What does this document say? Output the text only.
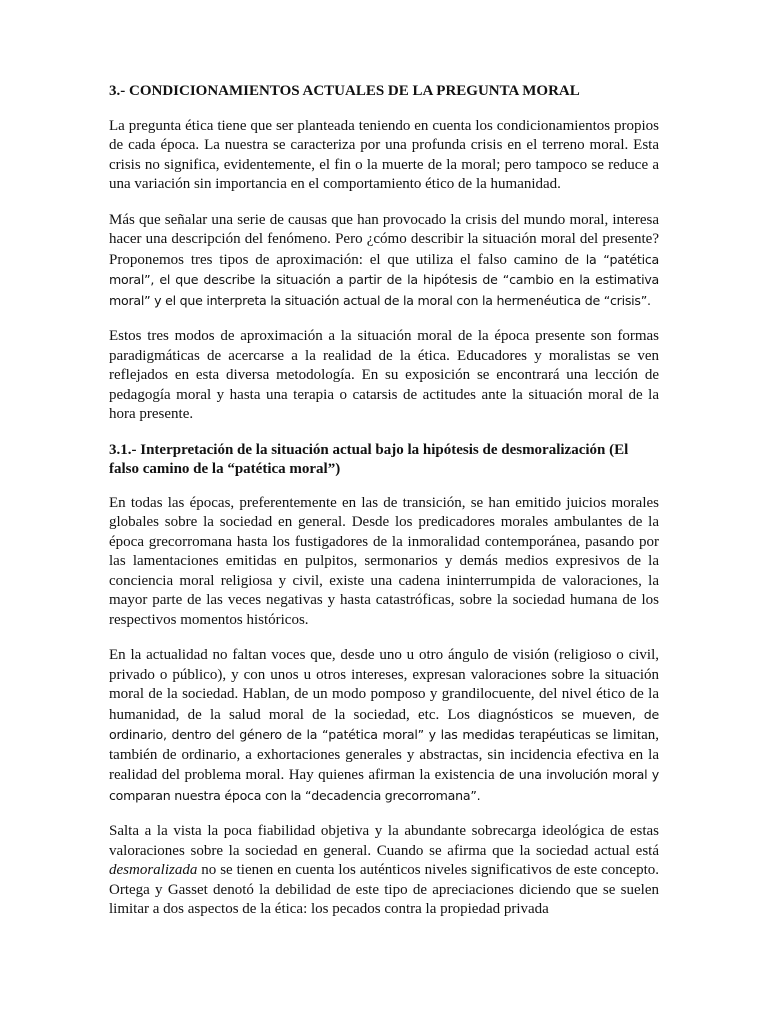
3.- CONDICIONAMIENTOS ACTUALES DE LA PREGUNTA MORAL

La pregunta ética tiene que ser planteada teniendo en cuenta los condicionamientos propios de cada época. La nuestra se caracteriza por una profunda crisis en el terreno moral. Esta crisis no significa, evidentemente, el fin o la muerte de la moral; pero tampoco se reduce a una variación sin importancia en el comportamiento ético de la humanidad.

Más que señalar una serie de causas que han provocado la crisis del mundo moral, interesa hacer una descripción del fenómeno. Pero ¿cómo describir la situación moral del presente? Proponemos tres tipos de aproximación: el que utiliza el falso camino de la “patética moral”, el que describe la situación a partir de la hipótesis de “cambio en la estimativa moral” y el que interpreta la situación actual de la moral con la hermenéutica de “crisis”.

Estos tres modos de aproximación a la situación moral de la época presente son formas paradigmáticas de acercarse a la realidad de la ética. Educadores y moralistas se ven reflejados en esta diversa metodología. En su exposición se encontrará una lección de pedagogía moral y hasta una terapia o catarsis de actitudes ante la situación moral de la hora presente.

3.1.- Interpretación de la situación actual bajo la hipótesis de desmoralización (El falso camino de la “patética moral”)

En todas las épocas, preferentemente en las de transición, se han emitido juicios morales globales sobre la sociedad en general. Desde los predicadores morales ambulantes de la época grecorromana hasta los fustigadores de la inmoralidad contemporánea, pasando por las lamentaciones emitidas en pulpitos, sermonarios y demás medios expresivos de la conciencia moral religiosa y civil, existe una cadena ininterrumpida de valoraciones, la mayor parte de las veces negativas y hasta catastróficas, sobre la sociedad humana de los respectivos momentos históricos.

En la actualidad no faltan voces que, desde uno u otro ángulo de visión (religioso o civil, privado o público), y con unos u otros intereses, expresan valoraciones sobre la situación moral de la sociedad. Hablan, de un modo pomposo y grandilocuente, del nivel ético de la humanidad, de la salud moral de la sociedad, etc. Los diagnósticos se mueven, de ordinario, dentro del género de la “patética moral” y las medidas terapéuticas se limitan, también de ordinario, a exhortaciones generales y abstractas, sin incidencia efectiva en la realidad del problema moral. Hay quienes afirman la existencia de una involución moral y comparan nuestra época con la “decadencia grecorromana”.

Salta a la vista la poca fiabilidad objetiva y la abundante sobrecarga ideológica de estas valoraciones sobre la sociedad en general. Cuando se afirma que la sociedad actual está desmoralizada no se tienen en cuenta los auténticos niveles significativos de este concepto. Ortega y Gasset denotó la debilidad de este tipo de apreciaciones diciendo que se suelen limitar a dos aspectos de la ética: los pecados contra la propiedad privada
